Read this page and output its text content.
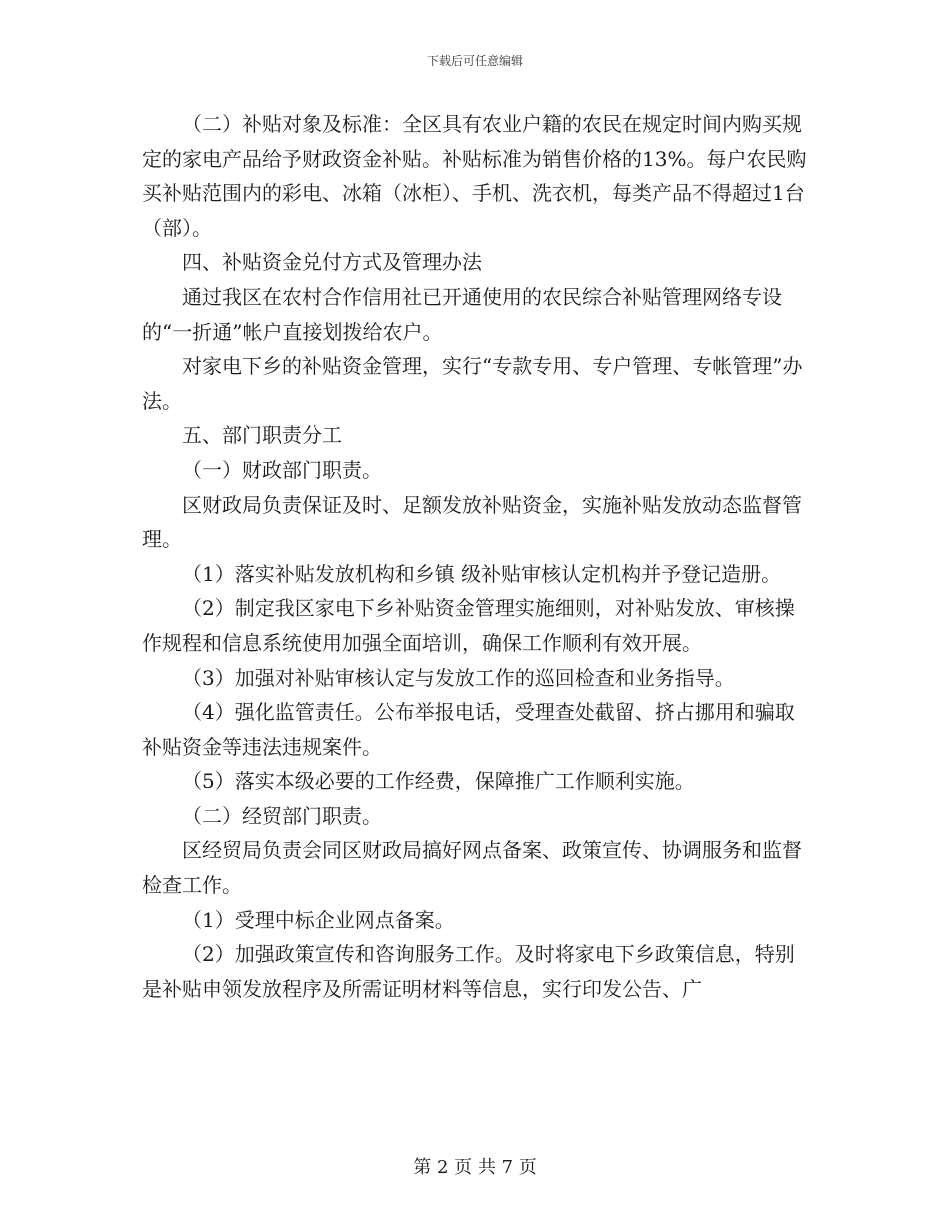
下载后可任意编辑

（二）补贴对象及标准：全区具有农业户籍的农民在规定时间内购买规定的家电产品给予财政资金补贴。补贴标准为销售价格的13%。每户农民购买补贴范围内的彩电、冰箱（冰柜）、手机、洗衣机，每类产品不得超过1台（部）。

四、补贴资金兑付方式及管理办法

通过我区在农村合作信用社已开通使用的农民综合补贴管理网络专设的“一折通”帐户直接划拨给农户。

对家电下乡的补贴资金管理，实行“专款专用、专户管理、专帐管理”办法。

五、部门职责分工

（一）财政部门职责。

区财政局负责保证及时、足额发放补贴资金，实施补贴发放动态监督管理。

（1）落实补贴发放机构和乡镇 级补贴审核认定机构并予登记造册。

（2）制定我区家电下乡补贴资金管理实施细则，对补贴发放、审核操作规程和信息系统使用加强全面培训，确保工作顺利有效开展。

（3）加强对补贴审核认定与发放工作的巡回检查和业务指导。

（4）强化监管责任。公布举报电话，受理查处截留、挤占挪用和骗取补贴资金等违法违规案件。

（5）落实本级必要的工作经费，保障推广工作顺利实施。

（二）经贸部门职责。

区经贸局负责会同区财政局搞好网点备案、政策宣传、协调服务和监督检查工作。

（1）受理中标企业网点备案。

（2）加强政策宣传和咨询服务工作。及时将家电下乡政策信息，特别是补贴申领发放程序及所需证明材料等信息，实行印发公告、广

第 2 页 共 7 页
